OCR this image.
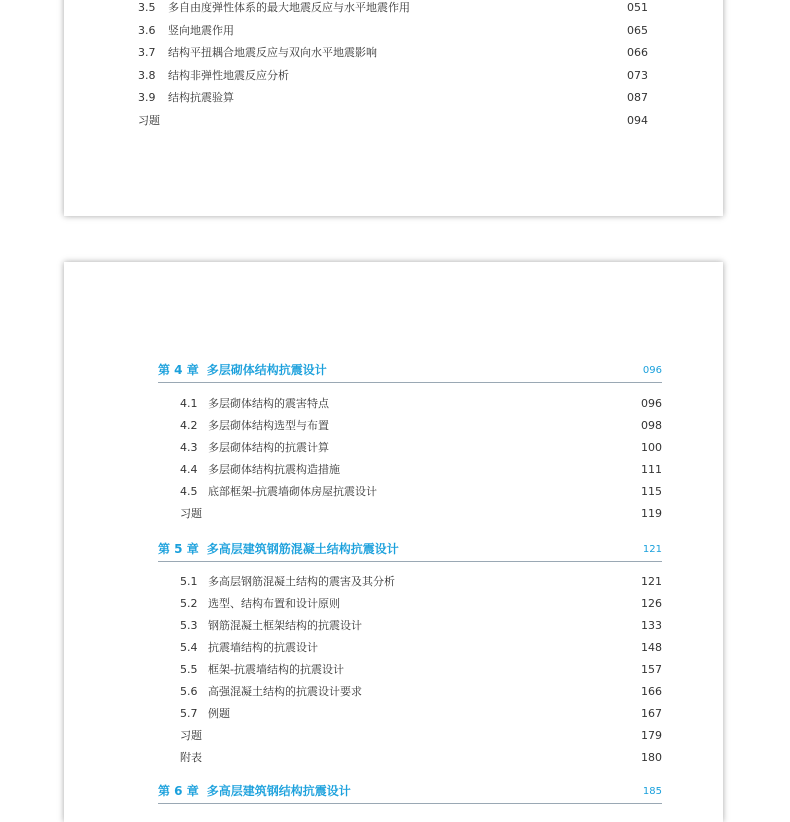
3.5 多自由度弹性体系的最大地震反应与水平地震作用	051
3.6 竖向地震作用	065
3.7 结构平扭耦合地震反应与双向水平地震影响	066
3.8 结构非弹性地震反应分析	073
3.9 结构抗震验算	087
习题	094
第 4 章 多层砌体结构抗震设计	096
4.1 多层砌体结构的震害特点	096
4.2 多层砌体结构选型与布置	098
4.3 多层砌体结构的抗震计算	100
4.4 多层砌体结构抗震构造措施	111
4.5 底部框架-抗震墙砌体房屋抗震设计	115
习题	119
第 5 章 多高层建筑钢筋混凝土结构抗震设计	121
5.1 多高层钢筋混凝土结构的震害及其分析	121
5.2 选型、结构布置和设计原则	126
5.3 钢筋混凝土框架结构的抗震设计	133
5.4 抗震墙结构的抗震设计	148
5.5 框架-抗震墙结构的抗震设计	157
5.6 高强混凝土结构的抗震设计要求	166
5.7 例题	167
习题	179
附表	180
第 6 章 多高层建筑钢结构抗震设计	185
